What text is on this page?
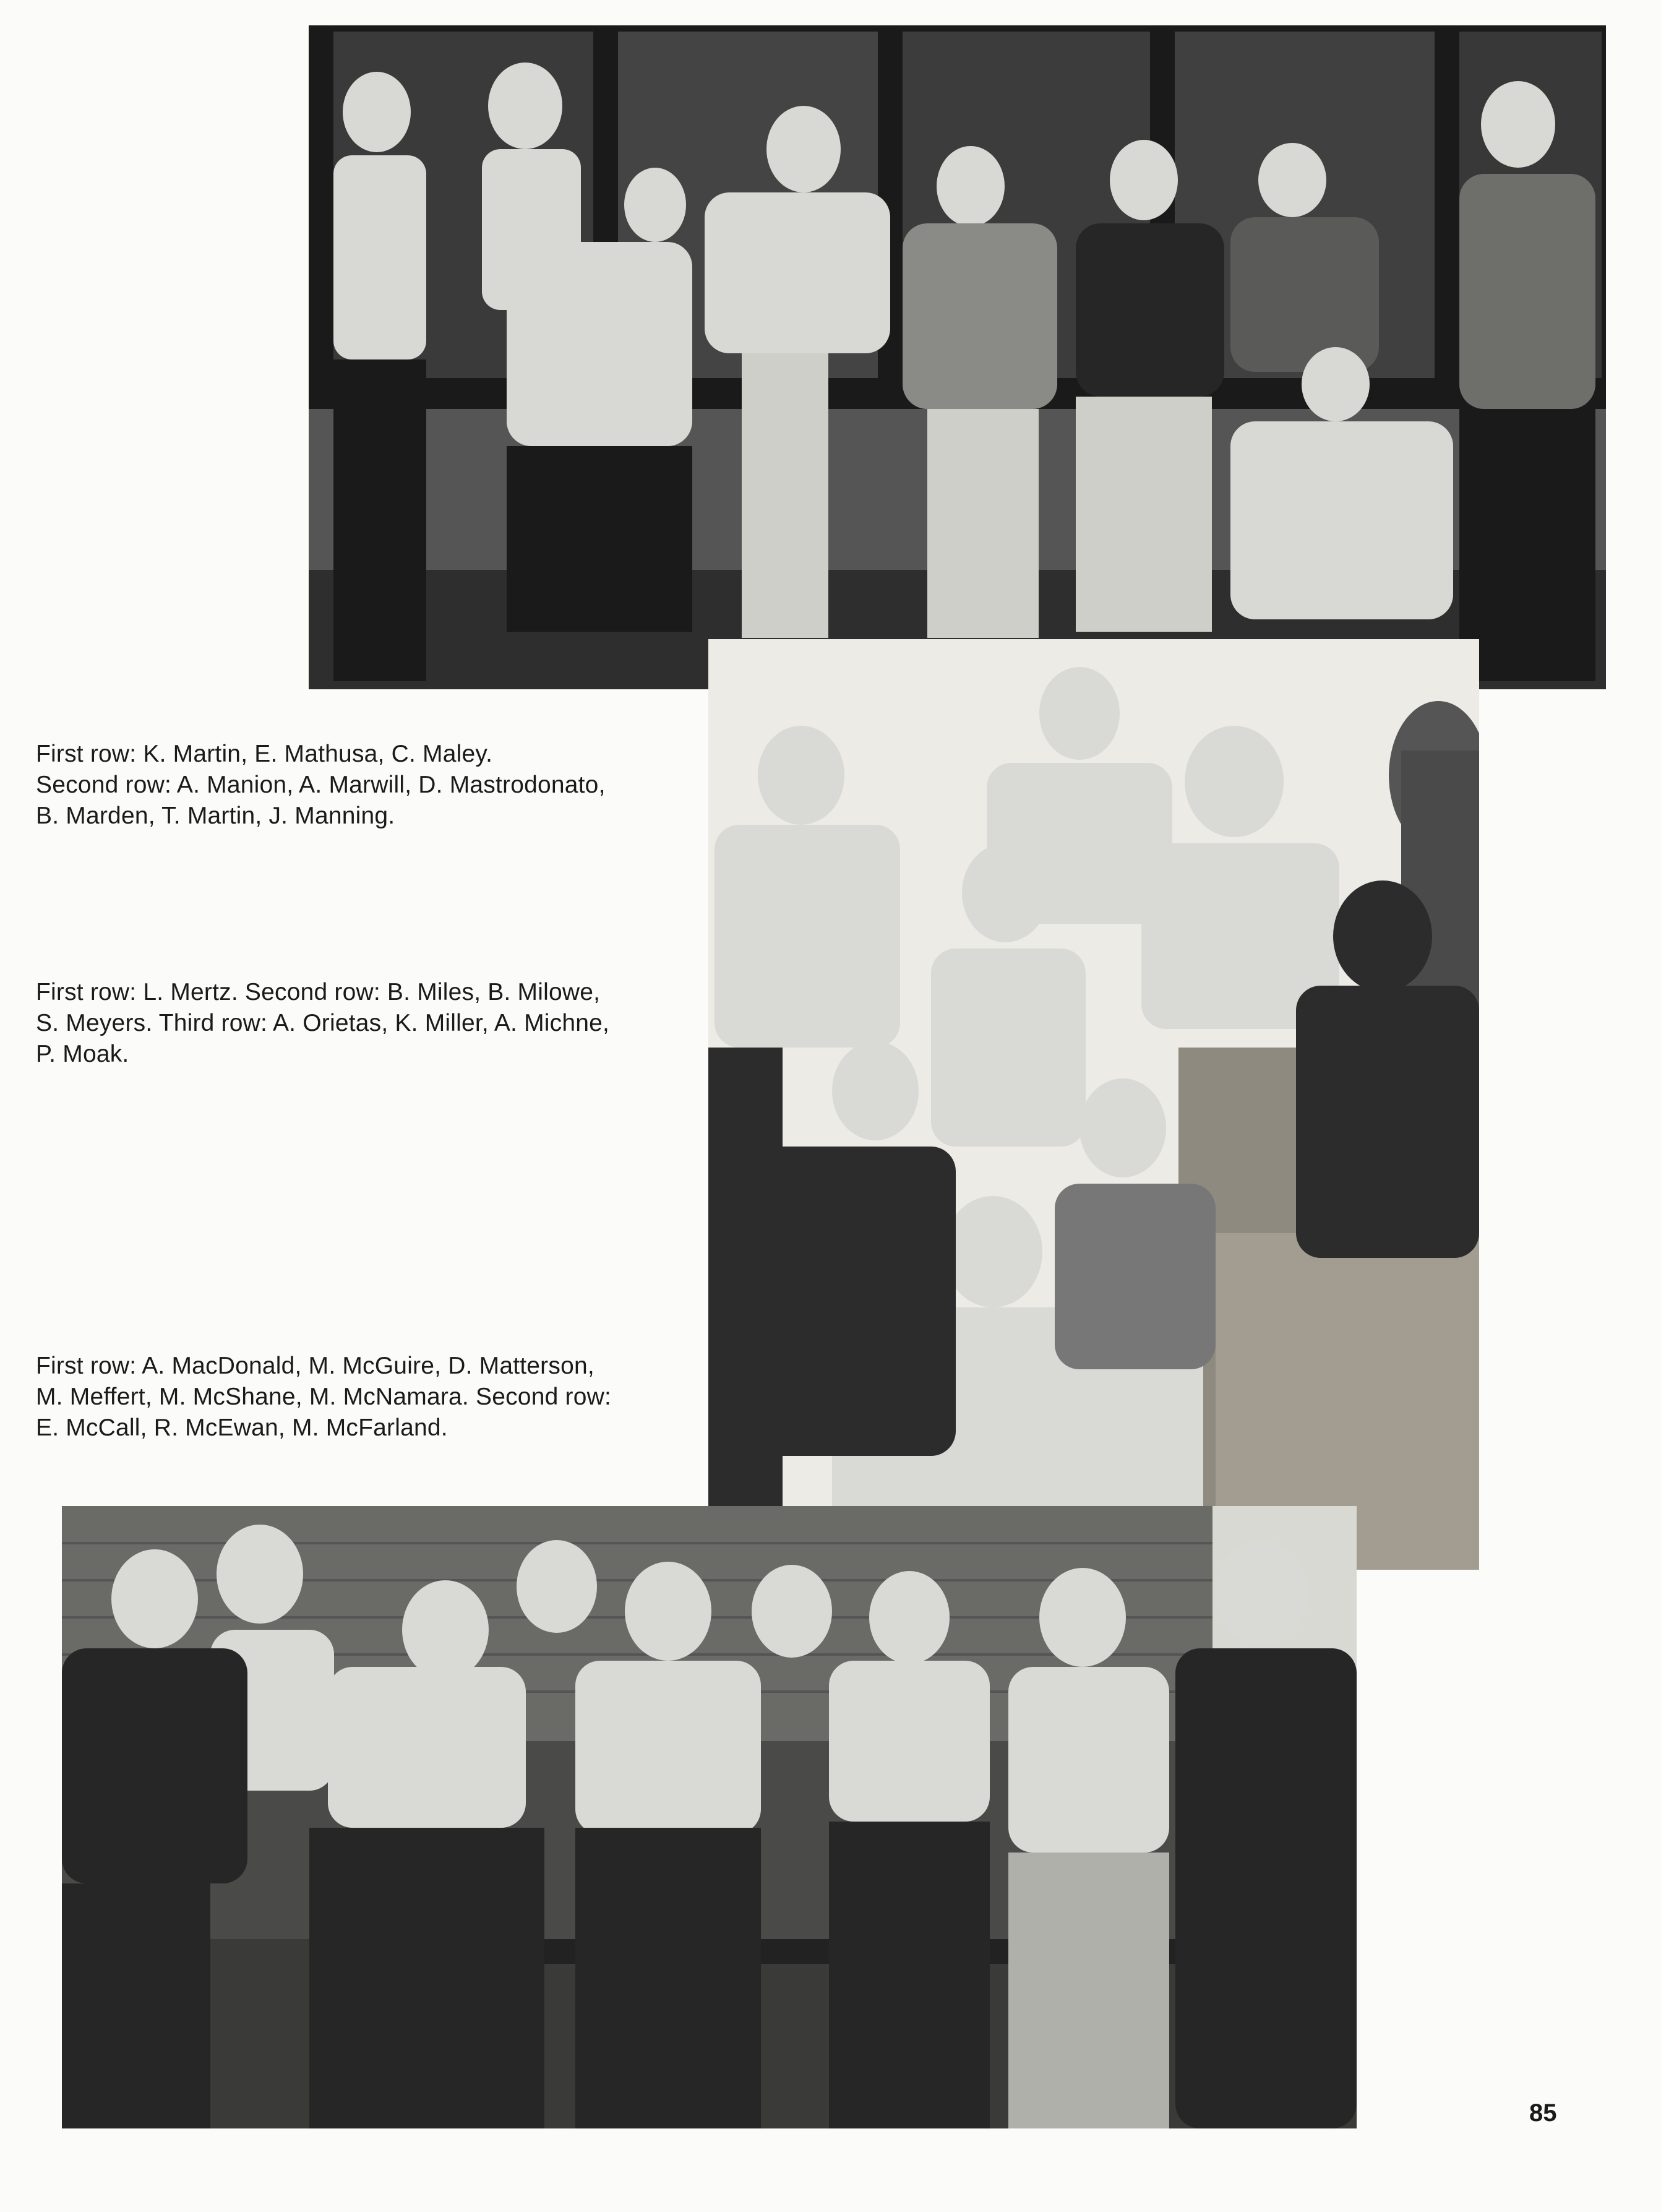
First row: K. Martin, E. Mathusa, C. Maley.
Second row: A. Manion, A. Marwill, D. Mastrodonato,
B. Marden, T. Martin, J. Manning.
First row: L. Mertz. Second row: B. Miles, B. Milowe,
S. Meyers. Third row: A. Orietas, K. Miller, A. Michne,
P. Moak.
First row: A. MacDonald, M. McGuire, D. Matterson,
M. Meffert, M. McShane, M. McNamara. Second row:
E. McCall, R. McEwan, M. McFarland.
85
